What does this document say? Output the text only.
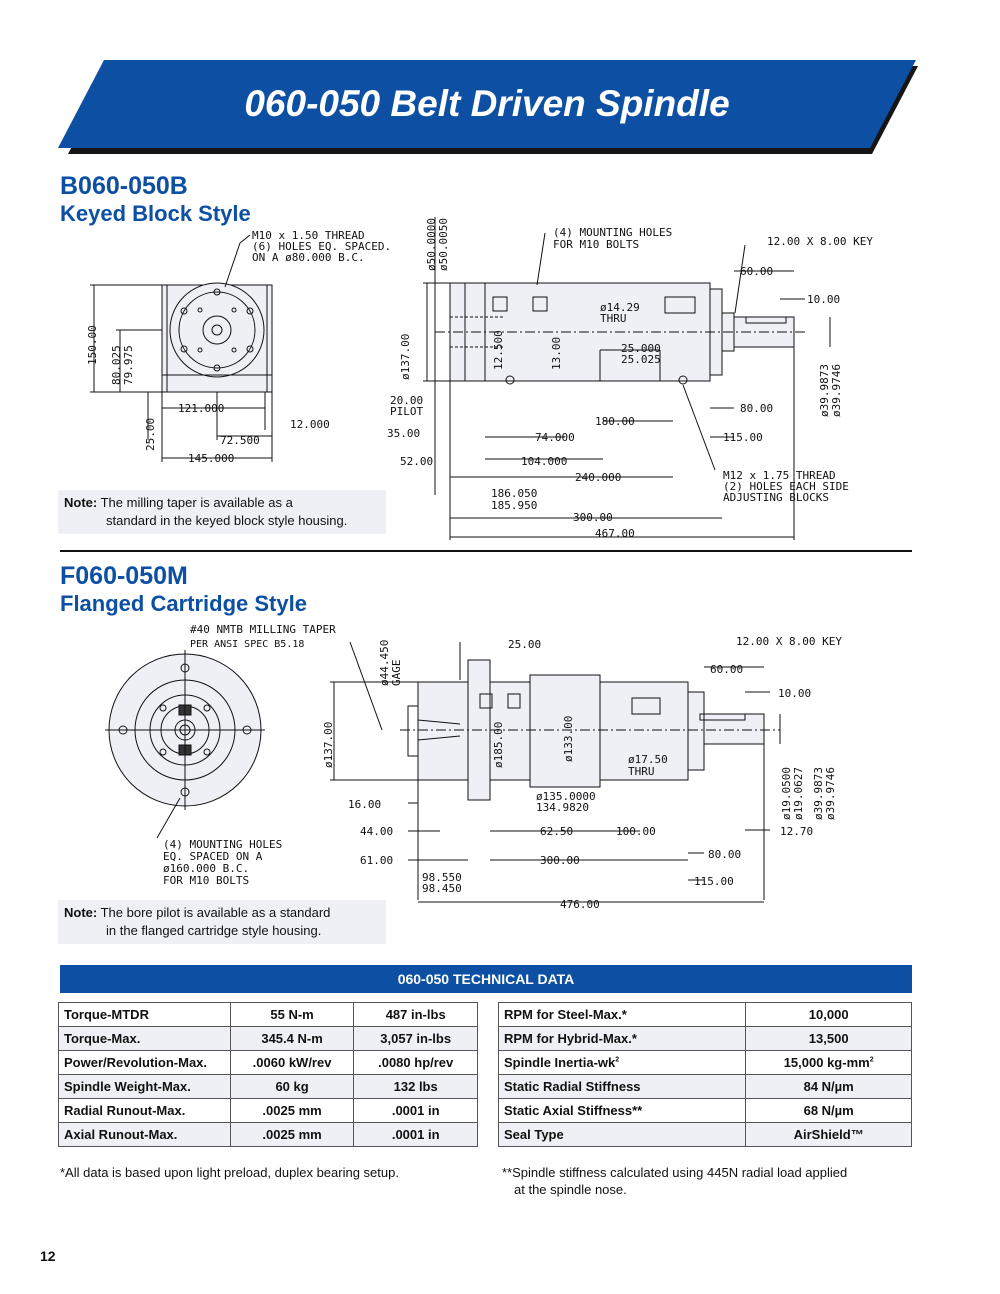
060-050 Belt Driven Spindle
B060-050B
Keyed Block Style
M10 x 1.50 THREAD
(6) HOLES EQ. SPACED.
ON A ø80.000 B.C.
150.00
80.025 79.975
121.000
12.000
25.00	72.500
145.000
ø50.0000 ø50.0050	(4) MOUNTING HOLES
FOR M10 BOLTS	12.00 X 8.00 KEY
60.00
10.00
ø137.00	12.500	13.00
ø14.29
THRU
25.000
25.025
ø39.9873 ø39.9746
20.00
PILOT
35.00
180.00
80.00
74.000	115.00
52.00	104.000
M12 x 1.75 THREAD
(2) HOLES EACH SIDE
ADJUSTING BLOCKS
240.000
186.050
185.950
300.00
467.00
Note: The milling taper is available as a
standard in the keyed block style housing.
F060-050M
Flanged Cartridge Style
(4) MOUNTING HOLES
EQ. SPACED ON A
ø160.000 B.C.
FOR M10 BOLTS
#40 NMTB MILLING TAPER
PER ANSI SPEC B5.18	ø44.450 GAGE
25.00	12.00 X 8.00 KEY
60.00
10.00
ø137.00	ø185.00	ø133.00	ø17.50
THRU	ø19.0500 ø19.0627 ø39.9873 ø39.9746
16.00
ø135.0000
134.9820
44.00	62.50	100.00	12.70
61.00	300.00	80.00
98.550
98.450
115.00
476.00
Note: The bore pilot is available as a standard
in the flanged cartridge style housing.
060-050 TECHNICAL DATA
Torque-MTDR	55 N-m	487 in-lbs
Torque-Max.	345.4 N-m	3,057 in-lbs
Power/Revolution-Max.	.0060 kW/rev	.0080 hp/rev
Spindle Weight-Max.	60 kg	132 lbs
Radial Runout-Max.	.0025 mm	.0001 in
Axial Runout-Max.	.0025 mm	.0001 in
RPM for Steel-Max.*	10,000
RPM for Hybrid-Max.*	13,500
Spindle Inertia-$wk^2$	15,000 $kg-mm^2$
Static Radial Stiffness	84 N/µm
Static Axial Stiffness**	68 N/µm
Seal Type	AirShield™
*All data is based upon light preload, duplex bearing setup.	**Spindle stiffness calculated using 445N radial load applied
at the spindle nose.
12
